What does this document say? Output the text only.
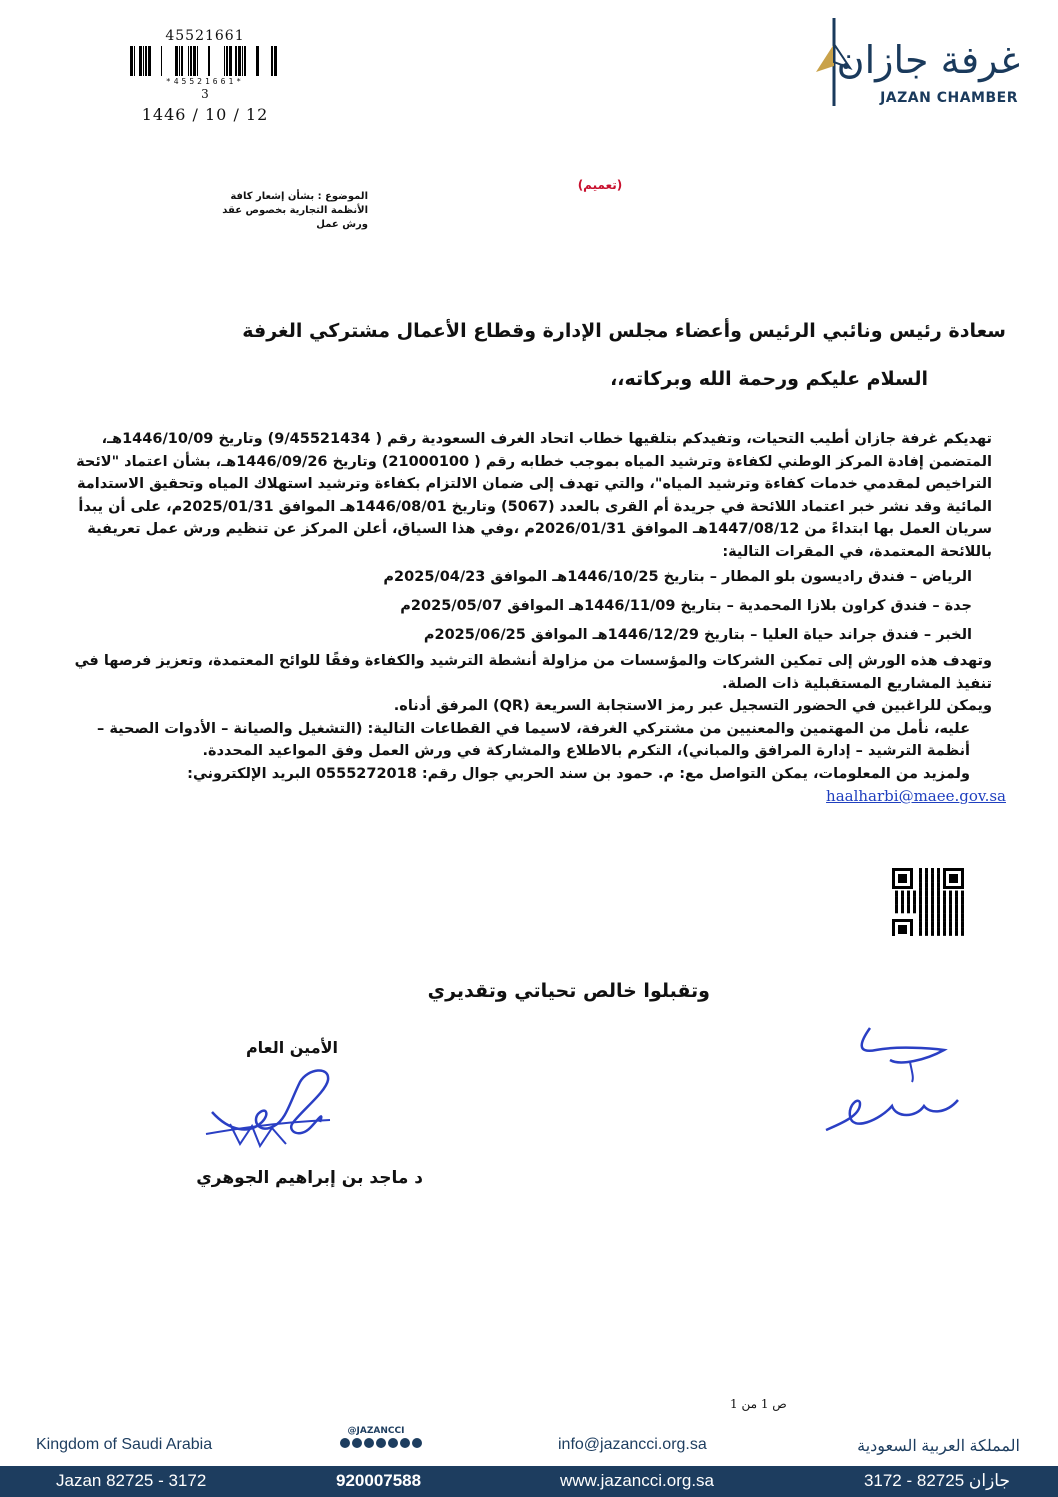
45521661
*45521661*
3
1446 / 10 / 12
غرفة جازان
JAZAN CHAMBER
(تعميم)
الموضوع : بشأن إشعار كافة الأنظمة التجارية بخصوص عقد ورش عمل
سعادة رئيس ونائبي الرئيس وأعضاء مجلس الإدارة وقطاع الأعمال مشتركي الغرفة
السلام عليكم ورحمة الله وبركاته،،

تهديكم غرفة جازان أطيب التحيات، وتفيدكم بتلقيها خطاب اتحاد الغرف السعودية رقم ( 9/45521434) وتاريخ 1446/10/09هـ، المتضمن إفادة المركز الوطني لكفاءة وترشيد المياه بموجب خطابه رقم ( 21000100) وتاريخ 1446/09/26هـ، بشأن اعتماد "لائحة التراخيص لمقدمي خدمات كفاءة وترشيد المياه"، والتي تهدف إلى ضمان الالتزام بكفاءة وترشيد استهلاك المياه وتحقيق الاستدامة المائية وقد نشر خبر اعتماد اللائحة في جريدة أم القرى بالعدد (5067) وتاريخ 1446/08/01هـ الموافق 2025/01/31م، على أن يبدأ سريان العمل بها ابتداءً من 1447/08/12هـ الموافق 2026/01/31م ،وفي هذا السياق، أعلن المركز عن تنظيم ورش عمل تعريفية باللائحة المعتمدة، في المقرات التالية:

الرياض – فندق راديسون بلو المطار – بتاريخ 1446/10/25هـ الموافق 2025/04/23م

جدة – فندق كراون بلازا المحمدية – بتاريخ 1446/11/09هـ الموافق 2025/05/07م

الخبر – فندق جراند حياة العليا – بتاريخ 1446/12/29هـ الموافق 2025/06/25م

وتهدف هذه الورش إلى تمكين الشركات والمؤسسات من مزاولة أنشطة الترشيد والكفاءة وفقًا للوائح المعتمدة، وتعزيز فرصها في تنفيذ المشاريع المستقبلية ذات الصلة.

ويمكن للراغبين في الحضور التسجيل عبر رمز الاستجابة السريعة (QR) المرفق أدناه.

عليه، نأمل من المهتمين والمعنيين من مشتركي الغرفة، لاسيما في القطاعات التالية: (التشغيل والصيانة – الأدوات الصحية – أنظمة الترشيد – إدارة المرافق والمباني)، التكرم بالاطلاع والمشاركة في ورش العمل وفق المواعيد المحددة.

ولمزيد من المعلومات، يمكن التواصل مع: م. حمود بن سند الحربي جوال رقم: 0555272018 البريد الإلكتروني:

haalharbi@maee.gov.sa

وتقبلوا خالص تحياتي وتقديري
الأمين العام
د ماجد بن إبراهيم الجوهري
ص 1 من 1
Kingdom of Saudi Arabia
@JAZANCCI
info@jazancci.org.sa	المملكة العربية السعودية
Jazan 82725 - 3172	920007588	www.jazancci.org.sa	جازان 82725 - 3172
